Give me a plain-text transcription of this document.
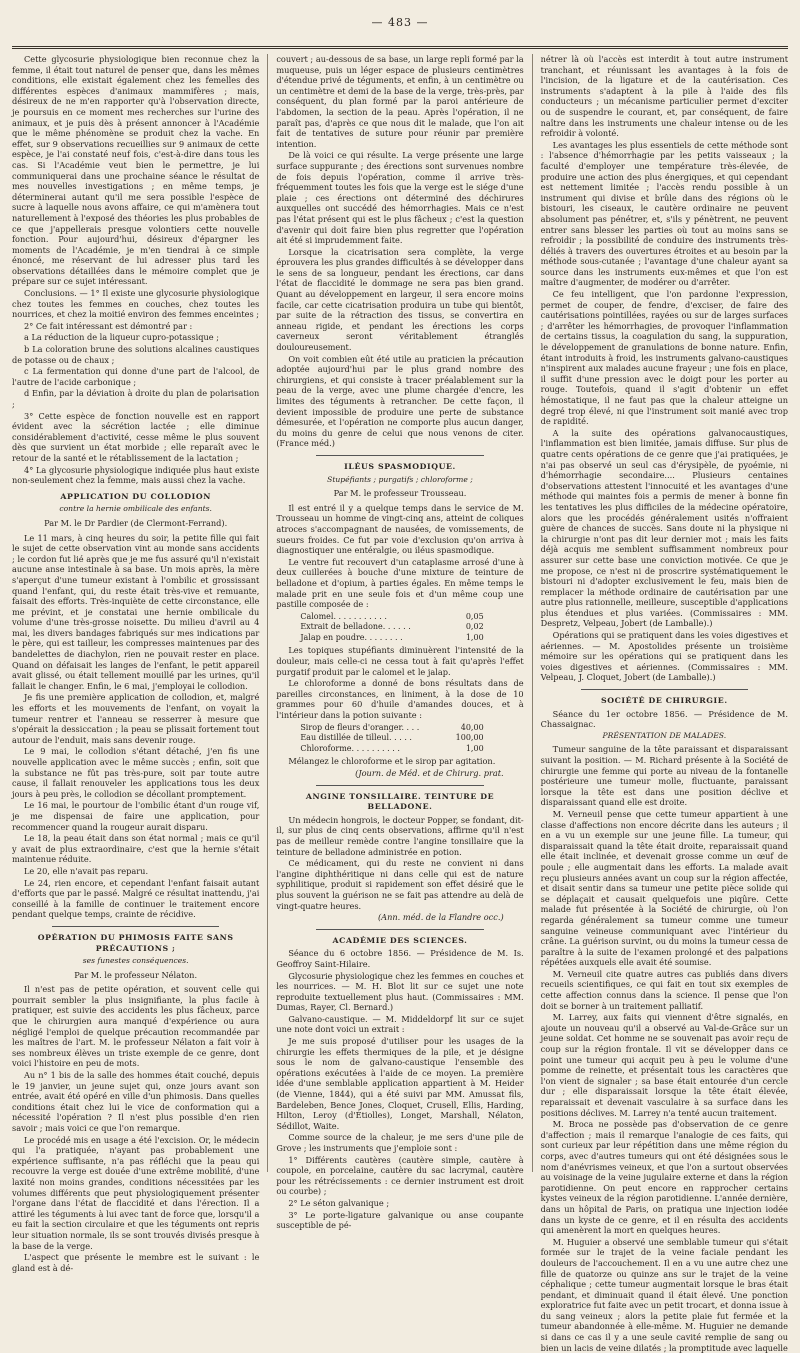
— 483 —

Cette glycosurie physiologique bien reconnue chez la femme, il était tout naturel de penser que, dans les mêmes conditions, elle existait également chez les femelles des différentes espèces d'animaux mammifères ; mais, désireux de ne m'en rapporter qu'à l'observation directe, je poursuis en ce moment mes recherches sur l'urine des animaux, et je puis dès à présent annoncer à l'Académie que le même phénomène se produit chez la vache. En effet, sur 9 observations recueillies sur 9 animaux de cette espèce, je l'ai constaté neuf fois, c'est-à-dire dans tous les cas. Si l'Académie veut bien le permettre, je lui communiquerai dans une prochaine séance le résultat de mes nouvelles investigations ; en même temps, je déterminerai autant qu'il me sera possible l'espèce de sucre à laquelle nous avons affaire, ce qui m'amènera tout naturellement à l'exposé des théories les plus probables de ce que j'appellerais presque volontiers cette nouvelle fonction. Pour aujourd'hui, désireux d'épargner les moments de l'Académie, je m'en tiendrai à ce simple énoncé, me réservant de lui adresser plus tard les observations détaillées dans le mémoire complet que je prépare sur ce sujet intéressant.

Conclusions. — 1° Il existe une glycosurie physiologique chez toutes les femmes en couches, chez toutes les nourrices, et chez la moitié environ des femmes enceintes ;

2° Ce fait intéressant est démontré par :

a La réduction de la liqueur cupro-potassique ;

b La coloration brune des solutions alcalines caustiques de potasse ou de chaux ;

c La fermentation qui donne d'une part de l'alcool, de l'autre de l'acide carbonique ;

d Enfin, par la déviation à droite du plan de polarisation ;

3° Cette espèce de fonction nouvelle est en rapport évident avec la sécrétion lactée ; elle diminue considérablement d'activité, cesse même le plus souvent dès que survient un état morbide ; elle reparaît avec le retour de la santé et le rétablissement de la lactation ;

4° La glycosurie physiologique indiquée plus haut existe non-seulement chez la femme, mais aussi chez la vache.

APPLICATION DU COLLODION
contre la hernie ombilicale des enfants.
Par M. le Dr Pardier (de Clermont-Ferrand).

Le 11 mars, à cinq heures du soir, la petite fille qui fait le sujet de cette observation vint au monde sans accidents ; le cordon fut lié après que je me fus assuré qu'il n'existait aucune anse intestinale à sa base. Un mois après, la mère s'aperçut d'une tumeur existant à l'ombilic et grossissant quand l'enfant, qui, du reste était très-vive et remuante, faisait des efforts. Très-inquiète de cette circonstance, elle me prévint, et je constatai une hernie ombilicale du volume d'une très-grosse noisette. Du milieu d'avril au 4 mai, les divers bandages fabriqués sur mes indications par le père, qui est tailleur, les compresses maintenues par des bandelettes de diachylon, rien ne pouvait rester en place. Quand on défaisait les langes de l'enfant, le petit appareil avait glissé, ou était tellement mouillé par les urines, qu'il fallait le changer. Enfin, le 6 mai, j'employai le collodion.

Je fis une première application de collodion, et, malgré les efforts et les mouvements de l'enfant, on voyait la tumeur rentrer et l'anneau se resserrer à mesure que s'opérait la dessiccation ; la peau se plissait fortement tout autour de l'enduit, mais sans devenir rouge.

Le 9 mai, le collodion s'étant détaché, j'en fis une nouvelle application avec le même succès ; enfin, soit que la substance ne fût pas très-pure, soit par toute autre cause, il fallait renouveler les applications tous les deux jours à peu près, le collodion se décollant promptement.

Le 16 mai, le pourtour de l'ombilic étant d'un rouge vif, je me dispensai de faire une application, pour recommencer quand la rougeur aurait disparu.

Le 18, la peau était dans son état normal ; mais ce qu'il y avait de plus extraordinaire, c'est que la hernie s'était maintenue réduite.

Le 20, elle n'avait pas reparu.

Le 24, rien encore, et cependant l'enfant faisait autant d'efforts que par le passé. Malgré ce résultat inattendu, j'ai conseillé à la famille de continuer le traitement encore pendant quelque temps, crainte de récidive.

OPÉRATION DU PHIMOSIS FAITE SANS PRÉCAUTIONS ;
ses funestes conséquences.
Par M. le professeur Nélaton.

Il n'est pas de petite opération, et souvent celle qui pourrait sembler la plus insignifiante, la plus facile à pratiquer, est suivie des accidents les plus fâcheux, parce que le chirurgien aura manqué d'expérience ou aura négligé l'emploi de quelque précaution recommandée par les maîtres de l'art. M. le professeur Nélaton a fait voir à ses nombreux élèves un triste exemple de ce genre, dont voici l'histoire en peu de mots.

Au n° 1 bis de la salle des hommes était couché, depuis le 19 janvier, un jeune sujet qui, onze jours avant son entrée, avait été opéré en ville d'un phimosis. Dans quelles conditions était chez lui le vice de conformation qui a nécessité l'opération ? Il n'est plus possible d'en rien savoir ; mais voici ce que l'on remarque.

Le procédé mis en usage a été l'excision. Or, le médecin qui l'a pratiquée, n'ayant pas probablement une expérience suffisante, n'a pas réfléchi que la peau qui recouvre la verge est douée d'une extrême mobilité, d'une laxité non moins grandes, conditions nécessitées par les volumes différents que peut physiologiquement présenter l'organe dans l'état de flaccidité et dans l'érection. Il a attiré les téguments à lui avec tant de force que, lorsqu'il a eu fait la section circulaire et que les téguments ont repris leur situation normale, ils se sont trouvés divisés presque à la base de la verge.

L'aspect que présente le membre est le suivant : le gland est à dé-

couvert ; au-dessous de sa base, un large repli formé par la muqueuse, puis un léger espace de plusieurs centimètres d'étendue privé de téguments, et enfin, à un centimètre ou un centimètre et demi de la base de la verge, très-près, par conséquent, du plan formé par la paroi antérieure de l'abdomen, la section de la peau. Après l'opération, il ne paraît pas, d'après ce que nous dit le malade, que l'on ait fait de tentatives de suture pour réunir par première intention.

De là voici ce qui résulte. La verge présente une large surface suppurante ; des érections sont survenues nombre de fois depuis l'opération, comme il arrive très-fréquemment toutes les fois que la verge est le siége d'une plaie ; ces érections ont déterminé des déchirures auxquelles ont succédé des hémorrhagies. Mais ce n'est pas l'état présent qui est le plus fâcheux ; c'est la question d'avenir qui doit faire bien plus regretter que l'opération ait été si imprudemment faite.

Lorsque la cicatrisation sera complète, la verge éprouvera les plus grandes difficultés à se développer dans le sens de sa longueur, pendant les érections, car dans l'état de flaccidité le dommage ne sera pas bien grand. Quant au développement en largeur, il sera encore moins facile, car cette cicatrisation produira un tube qui bientôt, par suite de la rétraction des tissus, se convertira en anneau rigide, et pendant les érections les corps caverneux seront véritablement étranglés douloureusement.

On voit combien eût été utile au praticien la précaution adoptée aujourd'hui par le plus grand nombre des chirurgiens, et qui consiste à tracer préalablement sur la peau de la verge, avec une plume chargée d'encre, les limites des téguments à retrancher. De cette façon, il devient impossible de produire une perte de substance démesurée, et l'opération ne comporte plus aucun danger, du moins du genre de celui que nous venons de citer. (France méd.)

ILÉUS SPASMODIQUE.
Stupéfiants ; purgatifs ; chloroforme ;
Par M. le professeur Trousseau.

Il est entré il y a quelque temps dans le service de M. Trousseau un homme de vingt-cinq ans, atteint de coliques atroces s'accompagnant de nausées, de vomissements, de sueurs froides. Ce fut par voie d'exclusion qu'on arriva à diagnostiquer une entéralgie, ou iléus spasmodique.

Le ventre fut recouvert d'un cataplasme arrosé d'une à deux cuillerées à bouche d'une mixture de teinture de belladone et d'opium, à parties égales. En même temps le malade prit en une seule fois et d'un même coup une pastille composée de :

Calomel. . . . . . . . . . .	0,05
Extrait de belladone. . . . . .	0,02
Jalap en poudre. . . . . . . .	1,00

Les topiques stupéfiants diminuèrent l'intensité de la douleur, mais celle-ci ne cessa tout à fait qu'après l'effet purgatif produit par le calomel et le jalap.

Le chloroforme a donné de bons résultats dans de pareilles circonstances, en liniment, à la dose de 10 grammes pour 60 d'huile d'amandes douces, et à l'intérieur dans la potion suivante :

Sirop de fleurs d'oranger. . . .	40,00
Eau distillée de tilleul. . . . .	100,00
Chloroforme. . . . . . . . . .	1,00

Mélangez le chloroforme et le sirop par agitation.

(Journ. de Méd. et de Chirurg. prat.
ANGINE TONSILLAIRE. TEINTURE DE BELLADONE.

Un médecin hongrois, le docteur Popper, se fondant, dit-il, sur plus de cinq cents observations, affirme qu'il n'est pas de meilleur remède contre l'angine tonsillaire que la teinture de belladone administrée en potion.

Ce médicament, qui du reste ne convient ni dans l'angine diphthéritique ni dans celle qui est de nature syphilitique, produit si rapidement son effet désiré que le plus souvent la guérison ne se fait pas attendre au delà de vingt-quatre heures.

(Ann. méd. de la Flandre occ.)
ACADÉMIE DES SCIENCES.

Séance du 6 octobre 1856. — Présidence de M. Is. Geoffroy Saint-Hilaire.

Glycosurie physiologique chez les femmes en couches et les nourrices. — M. H. Blot lit sur ce sujet une note reproduite textuellement plus haut. (Commissaires : MM. Dumas, Rayer, Cl. Bernard.)

Galvano-caustique. — M. Middeldorpf lit sur ce sujet une note dont voici un extrait :

Je me suis proposé d'utiliser pour les usages de la chirurgie les effets thermiques de la pile, et je désigne sous le nom de galvano-caustique l'ensemble des opérations exécutées à l'aide de ce moyen. La première idée d'une semblable application appartient à M. Heider (de Vienne, 1844), qui a été suivi par MM. Amussat fils, Bardeleben, Bence Jones, Cloquet, Crusell, Ellis, Harding, Hilton, Leroy (d'Étiolles), Longet, Marshall, Nélaton, Sédillot, Waite.

Comme source de la chaleur, je me sers d'une pile de Grove ; les instruments que j'emploie sont :

1° Différents cautères (cautère simple, cautère à coupole, en porcelaine, cautère du sac lacrymal, cautère pour les rétrécissements : ce dernier instrument est droit ou courbe) ;

2° Le séton galvanique ;

3° Le porte-ligature galvanique ou anse coupante susceptible de pé-

nétrer là où l'accès est interdit à tout autre instrument tranchant, et réunissant les avantages à la fois de l'incision, de la ligature et de la cautérisation. Ces instruments s'adaptent à la pile à l'aide des fils conducteurs ; un mécanisme particulier permet d'exciter ou de suspendre le courant, et, par conséquent, de faire naître dans les instruments une chaleur intense ou de les refroidir à volonté.

Les avantages les plus essentiels de cette méthode sont : l'absence d'hémorrhagie par les petits vaisseaux ; la faculté d'employer une température très-élevée, de produire une action des plus énergiques, et qui cependant est nettement limitée ; l'accès rendu possible à un instrument qui divise et brûle dans des régions où le bistouri, les ciseaux, le cautère ordinaire ne peuvent absolument pas pénétrer, et, s'ils y pénètrent, ne peuvent entrer sans blesser les parties où tout au moins sans se refroidir ; la possibilité de conduire des instruments très-déliés à travers des ouvertures étroites et au besoin par la méthode sous-cutanée ; l'avantage d'une chaleur ayant sa source dans les instruments eux-mêmes et que l'on est maître d'augmenter, de modérer ou d'arrêter.

Ce feu intelligent, que l'on pardonne l'expression, permet de couper, de fendre, d'exciser, de faire des cautérisations pointillées, rayées ou sur de larges surfaces ; d'arrêter les hémorrhagies, de provoquer l'inflammation de certains tissus, la coagulation du sang, la suppuration, le développement de granulations de bonne nature. Enfin, étant introduits à froid, les instruments galvano-caustiques n'inspirent aux malades aucune frayeur ; une fois en place, il suffit d'une pression avec le doigt pour les porter au rouge. Toutefois, quand il s'agit d'obtenir un effet hémostatique, il ne faut pas que la chaleur atteigne un degré trop élevé, ni que l'instrument soit manié avec trop de rapidité.

A la suite des opérations galvanocaustiques, l'inflammation est bien limitée, jamais diffuse. Sur plus de quatre cents opérations de ce genre que j'ai pratiquées, je n'ai pas observé un seul cas d'érysipèle, de pyoémie, ni d'hémorrhagie secondaire.... Plusieurs centaines d'observations attestent l'innocuité et les avantages d'une méthode qui maintes fois a permis de mener à bonne fin les tentatives les plus difficiles de la médecine opératoire, alors que les procédés généralement usités n'offraient guère de chances de succès. Sans doute ni la physique ni la chirurgie n'ont pas dit leur dernier mot ; mais les faits déjà acquis me semblent suffisamment nombreux pour assurer sur cette base une conviction motivée. Ce que je me propose, ce n'est ni de proscrire systématiquement le bistouri ni d'adopter exclusivement le feu, mais bien de remplacer la méthode ordinaire de cautérisation par une autre plus rationnelle, meilleure, susceptible d'applications plus étendues et plus variées. (Commissaires : MM. Despretz, Velpeau, Jobert (de Lamballe).)

Opérations qui se pratiquent dans les voies digestives et aériennes. — M. Apostolides présente un troisième mémoire sur les opérations qui se pratiquent dans les voies digestives et aériennes. (Commissaires : MM. Velpeau, J. Cloquet, Jobert (de Lamballe).)

SOCIÉTÉ DE CHIRURGIE.

Séance du 1er octobre 1856. — Présidence de M. Chassaignac.

PRÉSENTATION DE MALADES.

Tumeur sanguine de la tête paraissant et disparaissant suivant la position. — M. Richard présente à la Société de chirurgie une femme qui porte au niveau de la fontanelle postérieure une tumeur molle, fluctuante, paraissant lorsque la tête est dans une position déclive et disparaissant quand elle est droite.

M. Verneuil pense que cette tumeur appartient à une classe d'affections non encore décrite dans les auteurs ; il en a vu un exemple sur une jeune fille. La tumeur, qui disparaissait quand la tête était droite, reparaissait quand elle était inclinée, et devenait grosse comme un œuf de poule ; elle augmentait dans les efforts. La malade avait reçu plusieurs années avant un coup sur la région affectée, et disait sentir dans sa tumeur une petite pièce solide qui se déplaçait et causait quelquefois une piqûre. Cette malade fut présentée à la Société de chirurgie, où l'on regarda généralement sa tumeur comme une tumeur sanguine veineuse communiquant avec l'intérieur du crâne. La guérison survint, ou du moins la tumeur cessa de paraître à la suite de l'examen prolongé et des palpations répétées auxquels elle avait été soumise.

M. Verneuil cite quatre autres cas publiés dans divers recueils scientifiques, ce qui fait en tout six exemples de cette affection connus dans la science. Il pense que l'on doit se borner à un traitement palliatif.

M. Larrey, aux faits qui viennent d'être signalés, en ajoute un nouveau qu'il a observé au Val-de-Grâce sur un jeune soldat. Cet homme ne se souvenait pas avoir reçu de coup sur la région frontale. Il vit se développer dans ce point une tumeur qui acquit peu à peu le volume d'une pomme de reinette, et présentait tous les caractères que l'on vient de signaler ; sa base était entourée d'un cercle dur ; elle disparaissait lorsque la tête était élevée, reparaissait et devenait vasculaire à sa surface dans les positions déclives. M. Larrey n'a tenté aucun traitement.

M. Broca ne possède pas d'observation de ce genre d'affection ; mais il remarque l'analogie de ces faits, qui sont curieux par leur répétition dans une même région du corps, avec d'autres tumeurs qui ont été désignées sous le nom d'anévrismes veineux, et que l'on a surtout observées au voisinage de la veine jugulaire externe et dans la région parotidienne. On peut encore en rapprocher certains kystes veineux de la région parotidienne. L'année dernière, dans un hôpital de Paris, on pratiqua une injection iodée dans un kyste de ce genre, et il en résulta des accidents qui amenèrent la mort en quelques heures.

M. Huguier a observé une semblable tumeur qui s'était formée sur le trajet de la veine faciale pendant les douleurs de l'accouchement. Il en a vu une autre chez une fille de quatorze ou quinze ans sur le trajet de la veine céphalique ; cette tumeur augmentait lorsque le bras était pendant, et diminuait quand il était élevé. Une ponction exploratrice fut faite avec un petit trocart, et donna issue à du sang veineux ; alors la petite plaie fut fermée et la tumeur abandonnée à elle-même. M. Huguier ne demande si dans ce cas il y a une seule cavité remplie de sang ou bien un lacis de veine dilatés ; la promptitude avec laquelle
